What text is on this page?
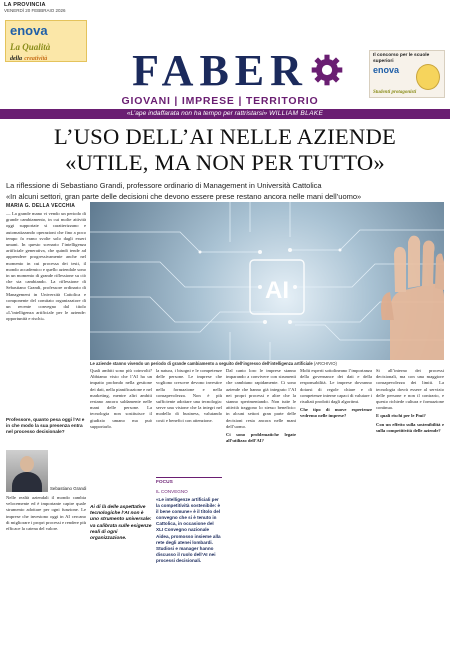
LA PROVINCIA
VENERDÌ 20 FEBBRAIO 2026
enova
La Qualità
della creatività
Il concorso per le scuole superiori
enova
Studenti protagonisti
FABER
GIOVANI | IMPRESE | TERRITORIO
«L’ape indaffarata non ha tempo per rattristarsi» WILLIAM BLAKE
L’USO DELL’AI NELLE AZIENDE
«UTILE, MA NON PER TUTTO»
La riflessione di Sebastiano Grandi, professore ordinario di Management in Università Cattolica
«In alcuni settori, gran parte delle decisioni che devono essere prese restano ancora nelle mani dell’uomo»
MARIA G. DELLA VECCHIA

— La grande mano vi vendo un periodo di grande cambiamento, in cui molte attività oggi supportate si caratterizzano e automatizzando operazioni che fino a poco tempo fa erano svolte solo dagli esseri umani. In questo scenario l’intelligenza artificiale generativa, che quindi tende ad apprendere progressivamente anche nel momento in cui processa dei testi, il mondo accademico e quello aziendale sono in un momento di grande riflessione su ciò che sta cambiando. La riflessione di Sebastiano Grandi, professore ordinario di Management in Università Cattolica e componente del comitato organizzatore di un recente convegno dal titolo «L’intelligenza artificiale per le aziende: opportunità e rischi».

Professore, quanto pesa oggi l’AI e in che modo la sua presenza entra nel processo decisionale?
Sebastiano Grandi

Nelle realtà aziendali il mondo cambia velocemente ed è importante capire quale strumento adottare per ogni funzione. Le imprese che investono oggi in AI cercano di migliorare i propri processi e rendere più efficace la catena del valore.

AI
Le aziende stanno vivendo un periodo di grande cambiamento a seguito dell’ingresso dell’intelligenza artificiale (ARCHIVIO)

Quali ambiti sono più coinvolti? Abbiamo visto che l’AI ha un impatto profondo nella gestione dei dati, nella pianificazione e nel marketing, mentre altri ambiti restano ancora saldamente nelle mani delle persone. La tecnologia non sostituisce il giudizio umano ma può supportarlo.

Ai di là delle aspettative tecnologiche l’AI non è uno strumento universale: va calibrata sulle esigenze reali di ogni organizzazione.

la natura, i bisogni e le competenze delle persone. Le imprese che vogliono crescere devono investire nella formazione e nella consapevolezza. Non è più sufficiente adottare una tecnologia: serve una visione che la integri nel modello di business, valutando costi e benefici con attenzione.

FOCUS
IL CONVEGNO
«Le intelligenze artificiali per la competitività sostenibile: è il bene comune» è il titolo del convegno che si è tenuto in Cattolica, in occasione del XLI Convegno nazionale Aidea, promosso insieme alla rete degli atenei lombardi. Studiosi e manager hanno discusso il ruolo dell’AI nei processi decisionali.

Dal canto loro le imprese stanno imparando a convivere con strumenti che cambiano rapidamente. Ci sono aziende che hanno già integrato l’AI nei propri processi e altre che la stanno sperimentando. Non tutte le attività traggono lo stesso beneficio: in alcuni settori gran parte delle decisioni resta ancora nelle mani dell’uomo.

Ci sono problematiche legate all’utilizzo dell’AI?

Molti esperti sottolineano l’importanza della governance dei dati e della responsabilità. Le imprese dovranno dotarsi di regole chiare e di competenze interne capaci di valutare i risultati prodotti dagli algoritmi.

Che tipo di nuove esperienze vedremo nelle imprese?

Si all’interno dei processi decisionali, ma con una maggiore consapevolezza dei limiti. La tecnologia dovrà essere al servizio delle persone e non il contrario, e questo richiede cultura e formazione continua.

E quali rischi per le Pmi?

Con un effetto sulla sostenibilità e sulla competitività delle aziende?
